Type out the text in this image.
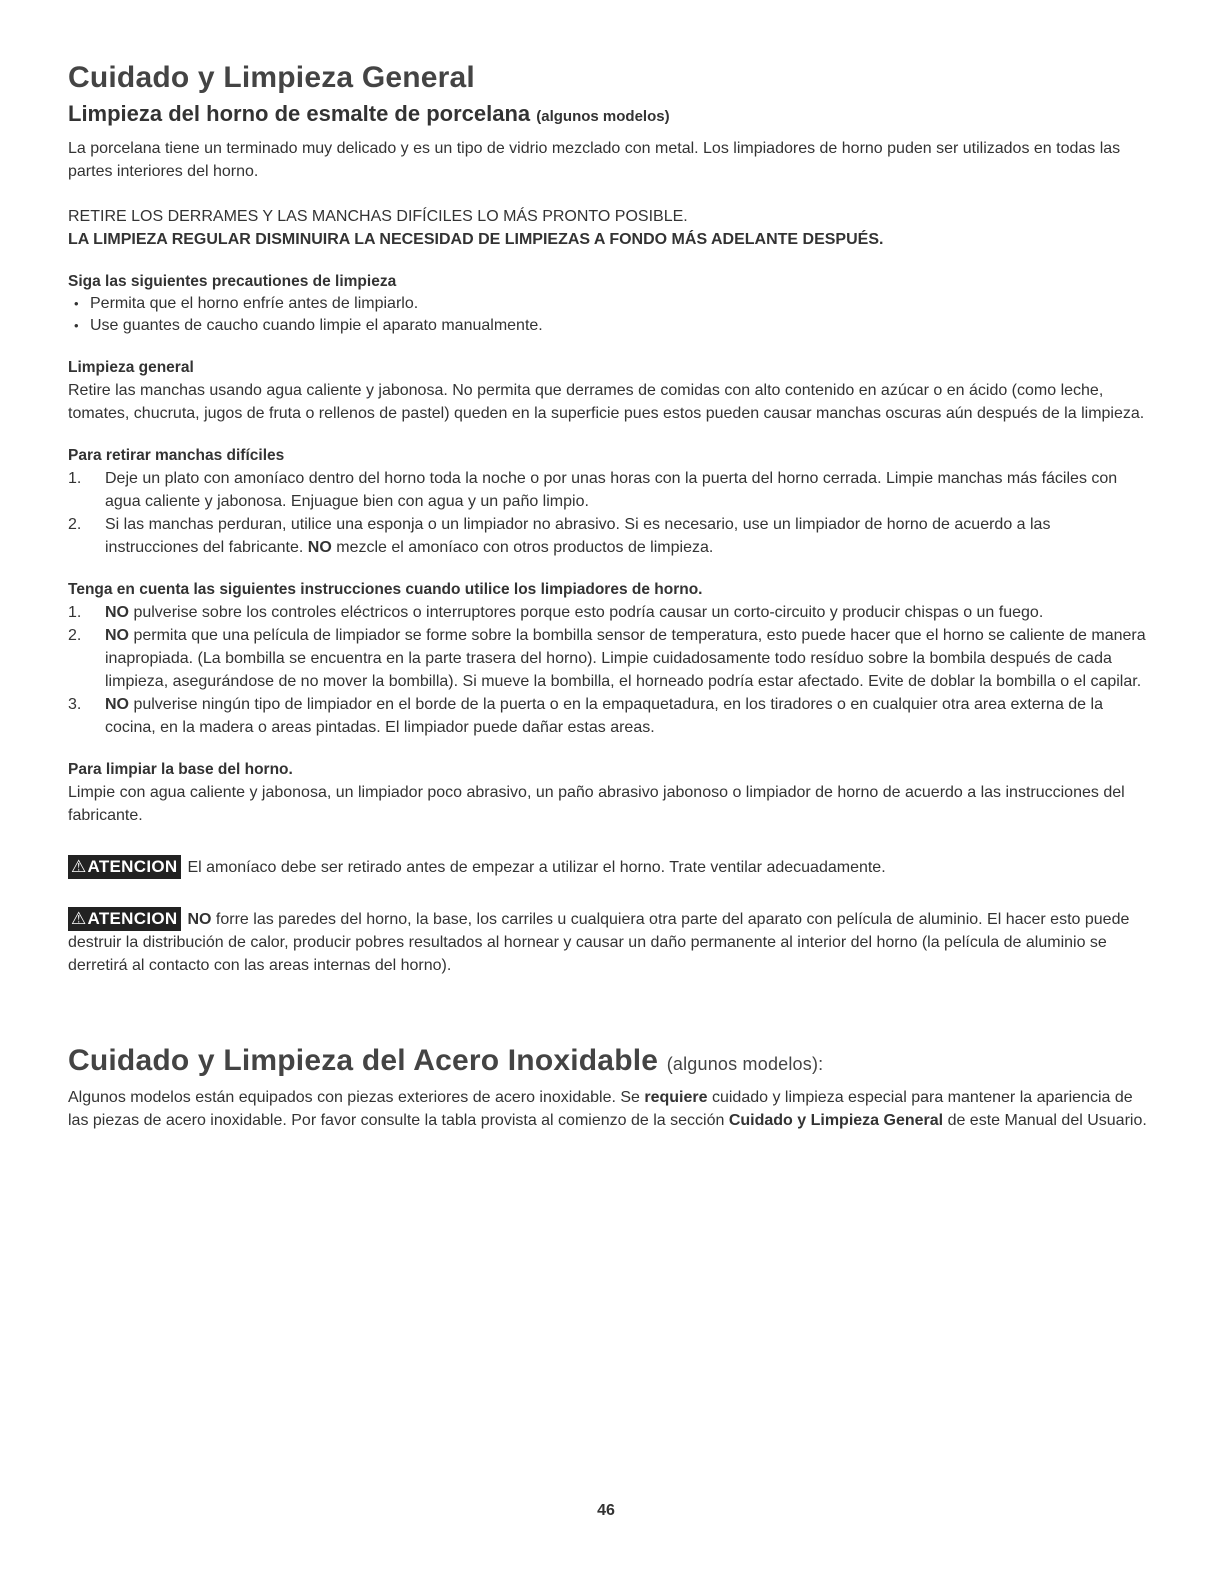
Cuidado y Limpieza General
Limpieza del horno de esmalte de porcelana (algunos modelos)

La porcelana tiene un terminado muy delicado y es un tipo de vidrio mezclado con metal. Los limpiadores de horno puden ser utilizados en todas las partes interiores del horno.

RETIRE LOS DERRAMES Y LAS MANCHAS DIFÍCILES LO MÁS PRONTO POSIBLE.

LA LIMPIEZA REGULAR DISMINUIRA LA NECESIDAD DE LIMPIEZAS A FONDO MÁS ADELANTE DESPUÉS.

Siga las siguientes precautiones de limpieza
• Permita que el horno enfríe antes de limpiarlo.
• Use guantes de caucho cuando limpie el aparato manualmente.
Limpieza general

Retire las manchas usando agua caliente y jabonosa. No permita que derrames de comidas con alto contenido en azúcar o en ácido (como leche, tomates, chucruta, jugos de fruta o rellenos de pastel) queden en la superficie pues estos pueden causar manchas oscuras aún después de la limpieza.

Para retirar manchas difíciles
1. Deje un plato con amoníaco dentro del horno toda la noche o por unas horas con la puerta del horno cerrada. Limpie manchas más fáciles con agua caliente y jabonosa. Enjuague bien con agua y un paño limpio.
2. Si las manchas perduran, utilice una esponja o un limpiador no abrasivo. Si es necesario, use un limpiador de horno de acuerdo a las instrucciones del fabricante. NO mezcle el amoníaco con otros productos de limpieza.
Tenga en cuenta las siguientes instrucciones cuando utilice los limpiadores de horno.
1. NO pulverise sobre los controles eléctricos o interruptores porque esto podría causar un corto-circuito y producir chispas o un fuego.
2. NO permita que una película de limpiador se forme sobre la bombilla sensor de temperatura, esto puede hacer que el horno se caliente de manera inapropiada. (La bombilla se encuentra en la parte trasera del horno). Limpie cuidadosamente todo resíduo sobre la bombila después de cada limpieza, asegurándose de no mover la bombilla). Si mueve la bombilla, el horneado podría estar afectado. Evite de doblar la bombilla o el capilar.
3. NO pulverise ningún tipo de limpiador en el borde de la puerta o en la empaquetadura, en los tiradores o en cualquier otra area externa de la cocina, en la madera o areas pintadas. El limpiador puede dañar estas areas.
Para limpiar la base del horno.

Limpie con agua caliente y jabonosa, un limpiador poco abrasivo, un paño abrasivo jabonoso o limpiador de horno de acuerdo a las instrucciones del fabricante.

⚠ATENCION El amoníaco debe ser retirado antes de empezar a utilizar el horno. Trate ventilar adecuadamente.

⚠ATENCION NO forre las paredes del horno, la base, los carriles u cualquiera otra parte del aparato con película de aluminio. El hacer esto puede destruir la distribución de calor, producir pobres resultados al hornear y causar un daño permanente al interior del horno (la película de aluminio se derretirá al contacto con las areas internas del horno).

Cuidado y Limpieza del Acero Inoxidable (algunos modelos):

Algunos modelos están equipados con piezas exteriores de acero inoxidable. Se requiere cuidado y limpieza especial para mantener la apariencia de las piezas de acero inoxidable. Por favor consulte la tabla provista al comienzo de la sección Cuidado y Limpieza General de este Manual del Usuario.

46
